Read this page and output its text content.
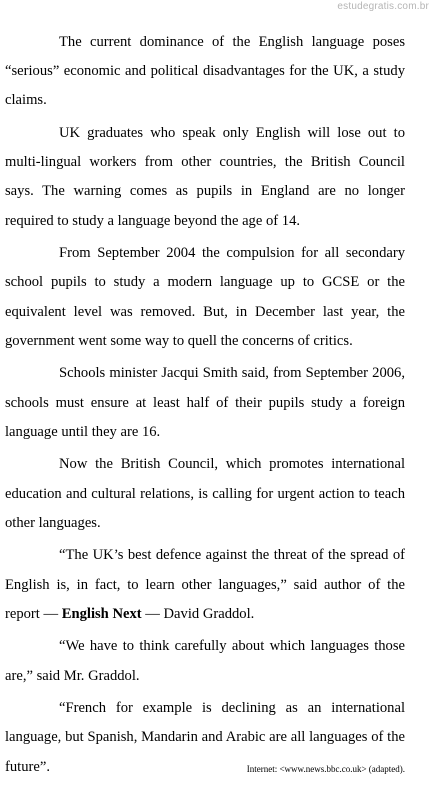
estudegratis.com.br

The current dominance of the English language poses “serious” economic and political disadvantages for the UK, a study claims.

UK graduates who speak only English will lose out to multi-lingual workers from other countries, the British Council says. The warning comes as pupils in England are no longer required to study a language beyond the age of 14.

From September 2004 the compulsion for all secondary school pupils to study a modern language up to GCSE or the equivalent level was removed. But, in December last year, the government went some way to quell the concerns of critics.

Schools minister Jacqui Smith said, from September 2006, schools must ensure at least half of their pupils study a foreign language until they are 16.

Now the British Council, which promotes international education and cultural relations, is calling for urgent action to teach other languages.

“The UK’s best defence against the threat of the spread of English is, in fact, to learn other languages,” said author of the report — English Next — David Graddol.

“We have to think carefully about which languages those are,” said Mr. Graddol.

“French for example is declining as an international language, but Spanish, Mandarin and Arabic are all languages of the future”.	Internet: <www.news.bbc.co.uk> (adapted).
